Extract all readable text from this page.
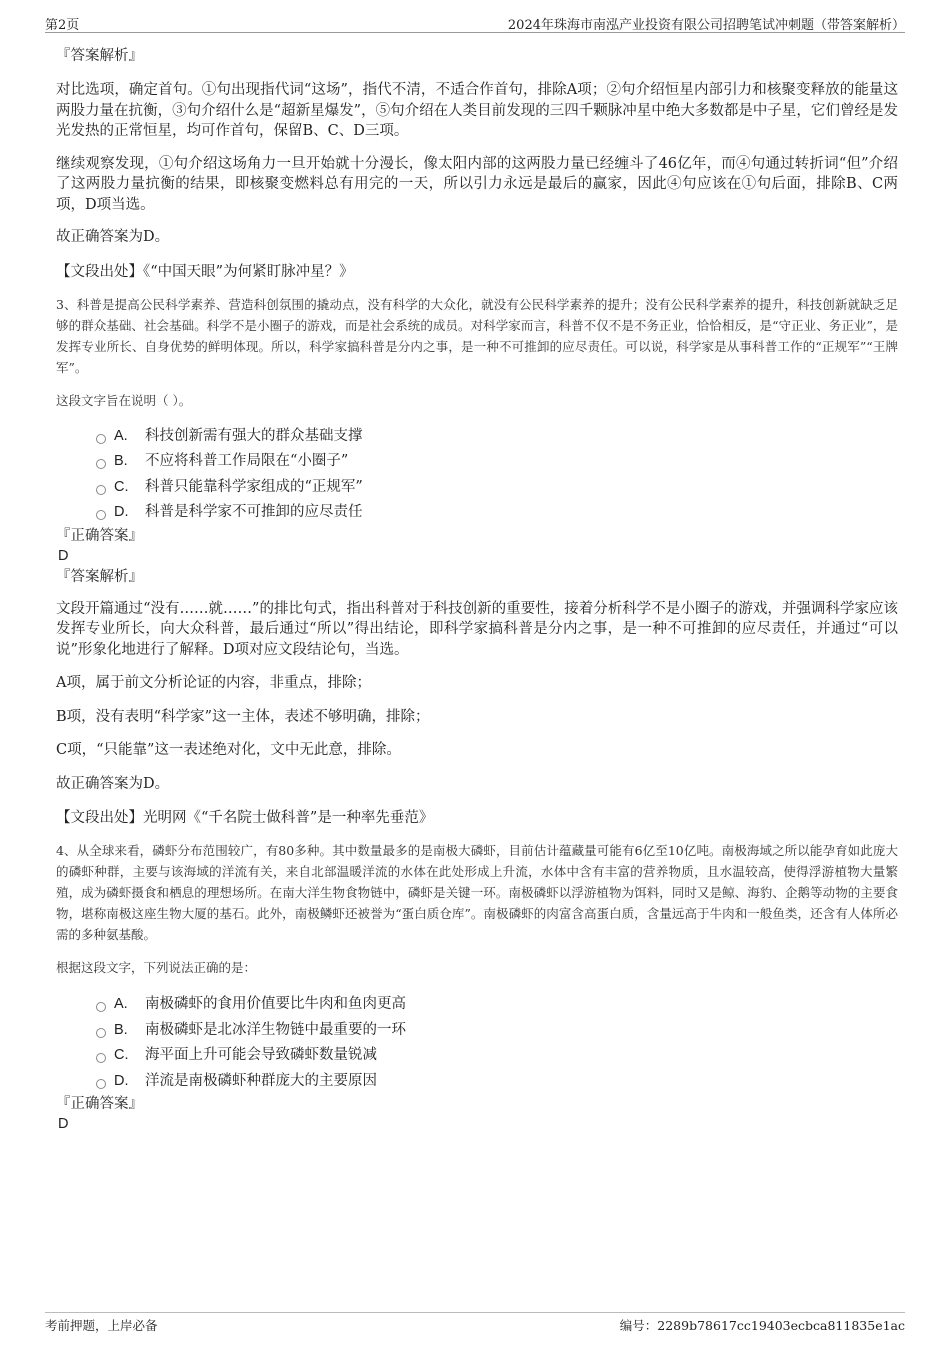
第2页	2024年珠海市南泓产业投资有限公司招聘笔试冲刺题（带答案解析）

『答案解析』

对比选项，确定首句。①句出现指代词“这场”，指代不清，不适合作首句，排除A项；②句介绍恒星内部引力和核聚变释放的能量这两股力量在抗衡，③句介绍什么是“超新星爆发”，⑤句介绍在人类目前发现的三四千颗脉冲星中绝大多数都是中子星，它们曾经是发光发热的正常恒星，均可作首句，保留B、C、D三项。

继续观察发现，①句介绍这场角力一旦开始就十分漫长，像太阳内部的这两股力量已经缠斗了46亿年，而④句通过转折词“但”介绍了这两股力量抗衡的结果，即核聚变燃料总有用完的一天，所以引力永远是最后的赢家，因此④句应该在①句后面，排除B、C两项，D项当选。

故正确答案为D。

【文段出处】《“中国天眼”为何紧盯脉冲星？》

3、科普是提高公民科学素养、营造科创氛围的撬动点，没有科学的大众化，就没有公民科学素养的提升；没有公民科学素养的提升，科技创新就缺乏足够的群众基础、社会基础。科学不是小圈子的游戏，而是社会系统的成员。对科学家而言，科普不仅不是不务正业，恰恰相反，是“守正业、务正业”，是发挥专业所长、自身优势的鲜明体现。所以，科学家搞科普是分内之事，是一种不可推卸的应尽责任。可以说，科学家是从事科普工作的“正规军”“王牌军”。

这段文字旨在说明（ ）。

A. 科技创新需有强大的群众基础支撑
B. 不应将科普工作局限在“小圈子”
C. 科普只能靠科学家组成的“正规军”
D. 科普是科学家不可推卸的应尽责任

『正确答案』

D

『答案解析』

文段开篇通过“没有……就……”的排比句式，指出科普对于科技创新的重要性，接着分析科学不是小圈子的游戏，并强调科学家应该发挥专业所长，向大众科普，最后通过“所以”得出结论，即科学家搞科普是分内之事，是一种不可推卸的应尽责任，并通过“可以说”形象化地进行了解释。D项对应文段结论句，当选。

A项，属于前文分析论证的内容，非重点，排除；

B项，没有表明“科学家”这一主体，表述不够明确，排除；

C项，“只能靠”这一表述绝对化，文中无此意，排除。

故正确答案为D。

【文段出处】光明网《“千名院士做科普”是一种率先垂范》

4、从全球来看，磷虾分布范围较广，有80多种。其中数量最多的是南极大磷虾，目前估计蕴藏量可能有6亿至10亿吨。南极海域之所以能孕育如此庞大的磷虾种群，主要与该海域的洋流有关，来自北部温暖洋流的水体在此处形成上升流，水体中含有丰富的营养物质，且水温较高，使得浮游植物大量繁殖，成为磷虾摄食和栖息的理想场所。在南大洋生物食物链中，磷虾是关键一环。南极磷虾以浮游植物为饵料，同时又是鲸、海豹、企鹅等动物的主要食物，堪称南极这座生物大厦的基石。此外，南极鳞虾还被誉为“蛋白质仓库”。南极磷虾的肉富含高蛋白质，含量远高于牛肉和一般鱼类，还含有人体所必需的多种氨基酸。

根据这段文字，下列说法正确的是：

A. 南极磷虾的食用价值要比牛肉和鱼肉更高
B. 南极磷虾是北冰洋生物链中最重要的一环
C. 海平面上升可能会导致磷虾数量锐减
D. 洋流是南极磷虾种群庞大的主要原因

『正确答案』

D

考前押题，上岸必备	编号：2289b78617cc19403ecbca811835e1ac
